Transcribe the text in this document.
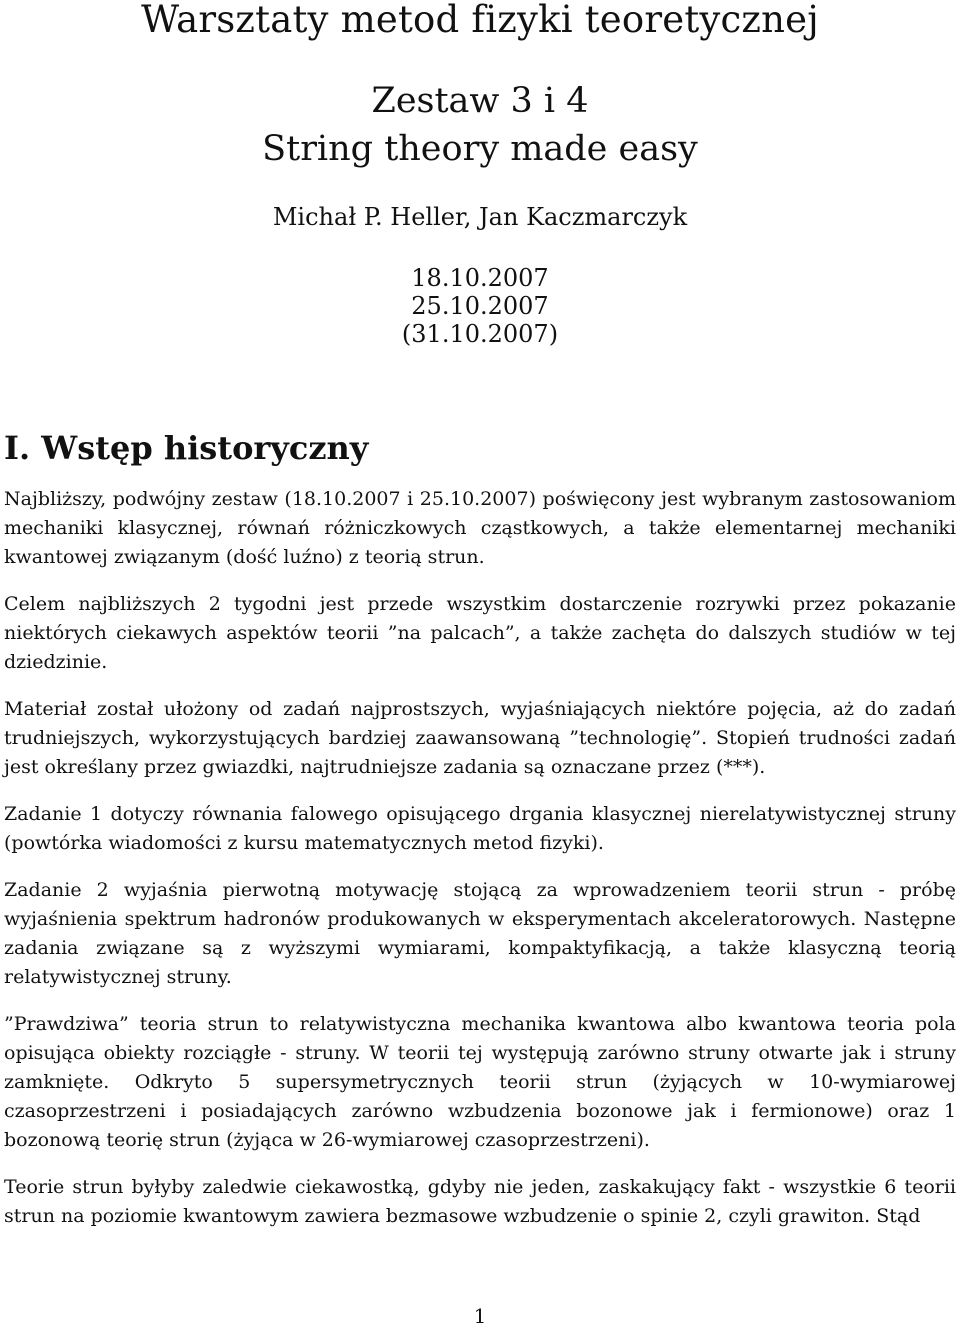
Warsztaty metod fizyki teoretycznej
Zestaw 3 i 4
String theory made easy
Michał P. Heller, Jan Kaczmarczyk
18.10.2007
25.10.2007
(31.10.2007)
I. Wstęp historyczny

Najbliższy, podwójny zestaw (18.10.2007 i 25.10.2007) poświęcony jest wybranym zastosowaniom mechaniki klasycznej, równań różniczkowych cząstkowych, a także elementarnej mechaniki kwantowej związanym (dość luźno) z teorią strun.

Celem najbliższych 2 tygodni jest przede wszystkim dostarczenie rozrywki przez pokazanie niektórych ciekawych aspektów teorii ”na palcach”, a także zachęta do dalszych studiów w tej dziedzinie.

Materiał został ułożony od zadań najprostszych, wyjaśniających niektóre pojęcia, aż do zadań trudniejszych, wykorzystujących bardziej zaawansowaną ”technologię”. Stopień trudności zadań jest określany przez gwiazdki, najtrudniejsze zadania są oznaczane przez (***).

Zadanie 1 dotyczy równania falowego opisującego drgania klasycznej nierelatywistycznej struny (powtórka wiadomości z kursu matematycznych metod fizyki).

Zadanie 2 wyjaśnia pierwotną motywację stojącą za wprowadzeniem teorii strun - próbę wyjaśnienia spektrum hadronów produkowanych w eksperymentach akceleratorowych. Następne zadania związane są z wyższymi wymiarami, kompaktyfikacją, a także klasyczną teorią relatywistycznej struny.

”Prawdziwa” teoria strun to relatywistyczna mechanika kwantowa albo kwantowa teoria pola opisująca obiekty rozciągłe - struny. W teorii tej występują zarówno struny otwarte jak i struny zamknięte. Odkryto 5 supersymetrycznych teorii strun (żyjących w 10-wymiarowej czasoprzestrzeni i posiadających zarówno wzbudzenia bozonowe jak i fermionowe) oraz 1 bozonową teorię strun (żyjąca w 26-wymiarowej czasoprzestrzeni).

Teorie strun byłyby zaledwie ciekawostką, gdyby nie jeden, zaskakujący fakt - wszystkie 6 teorii strun na poziomie kwantowym zawiera bezmasowe wzbudzenie o spinie 2, czyli grawiton. Stąd

1
